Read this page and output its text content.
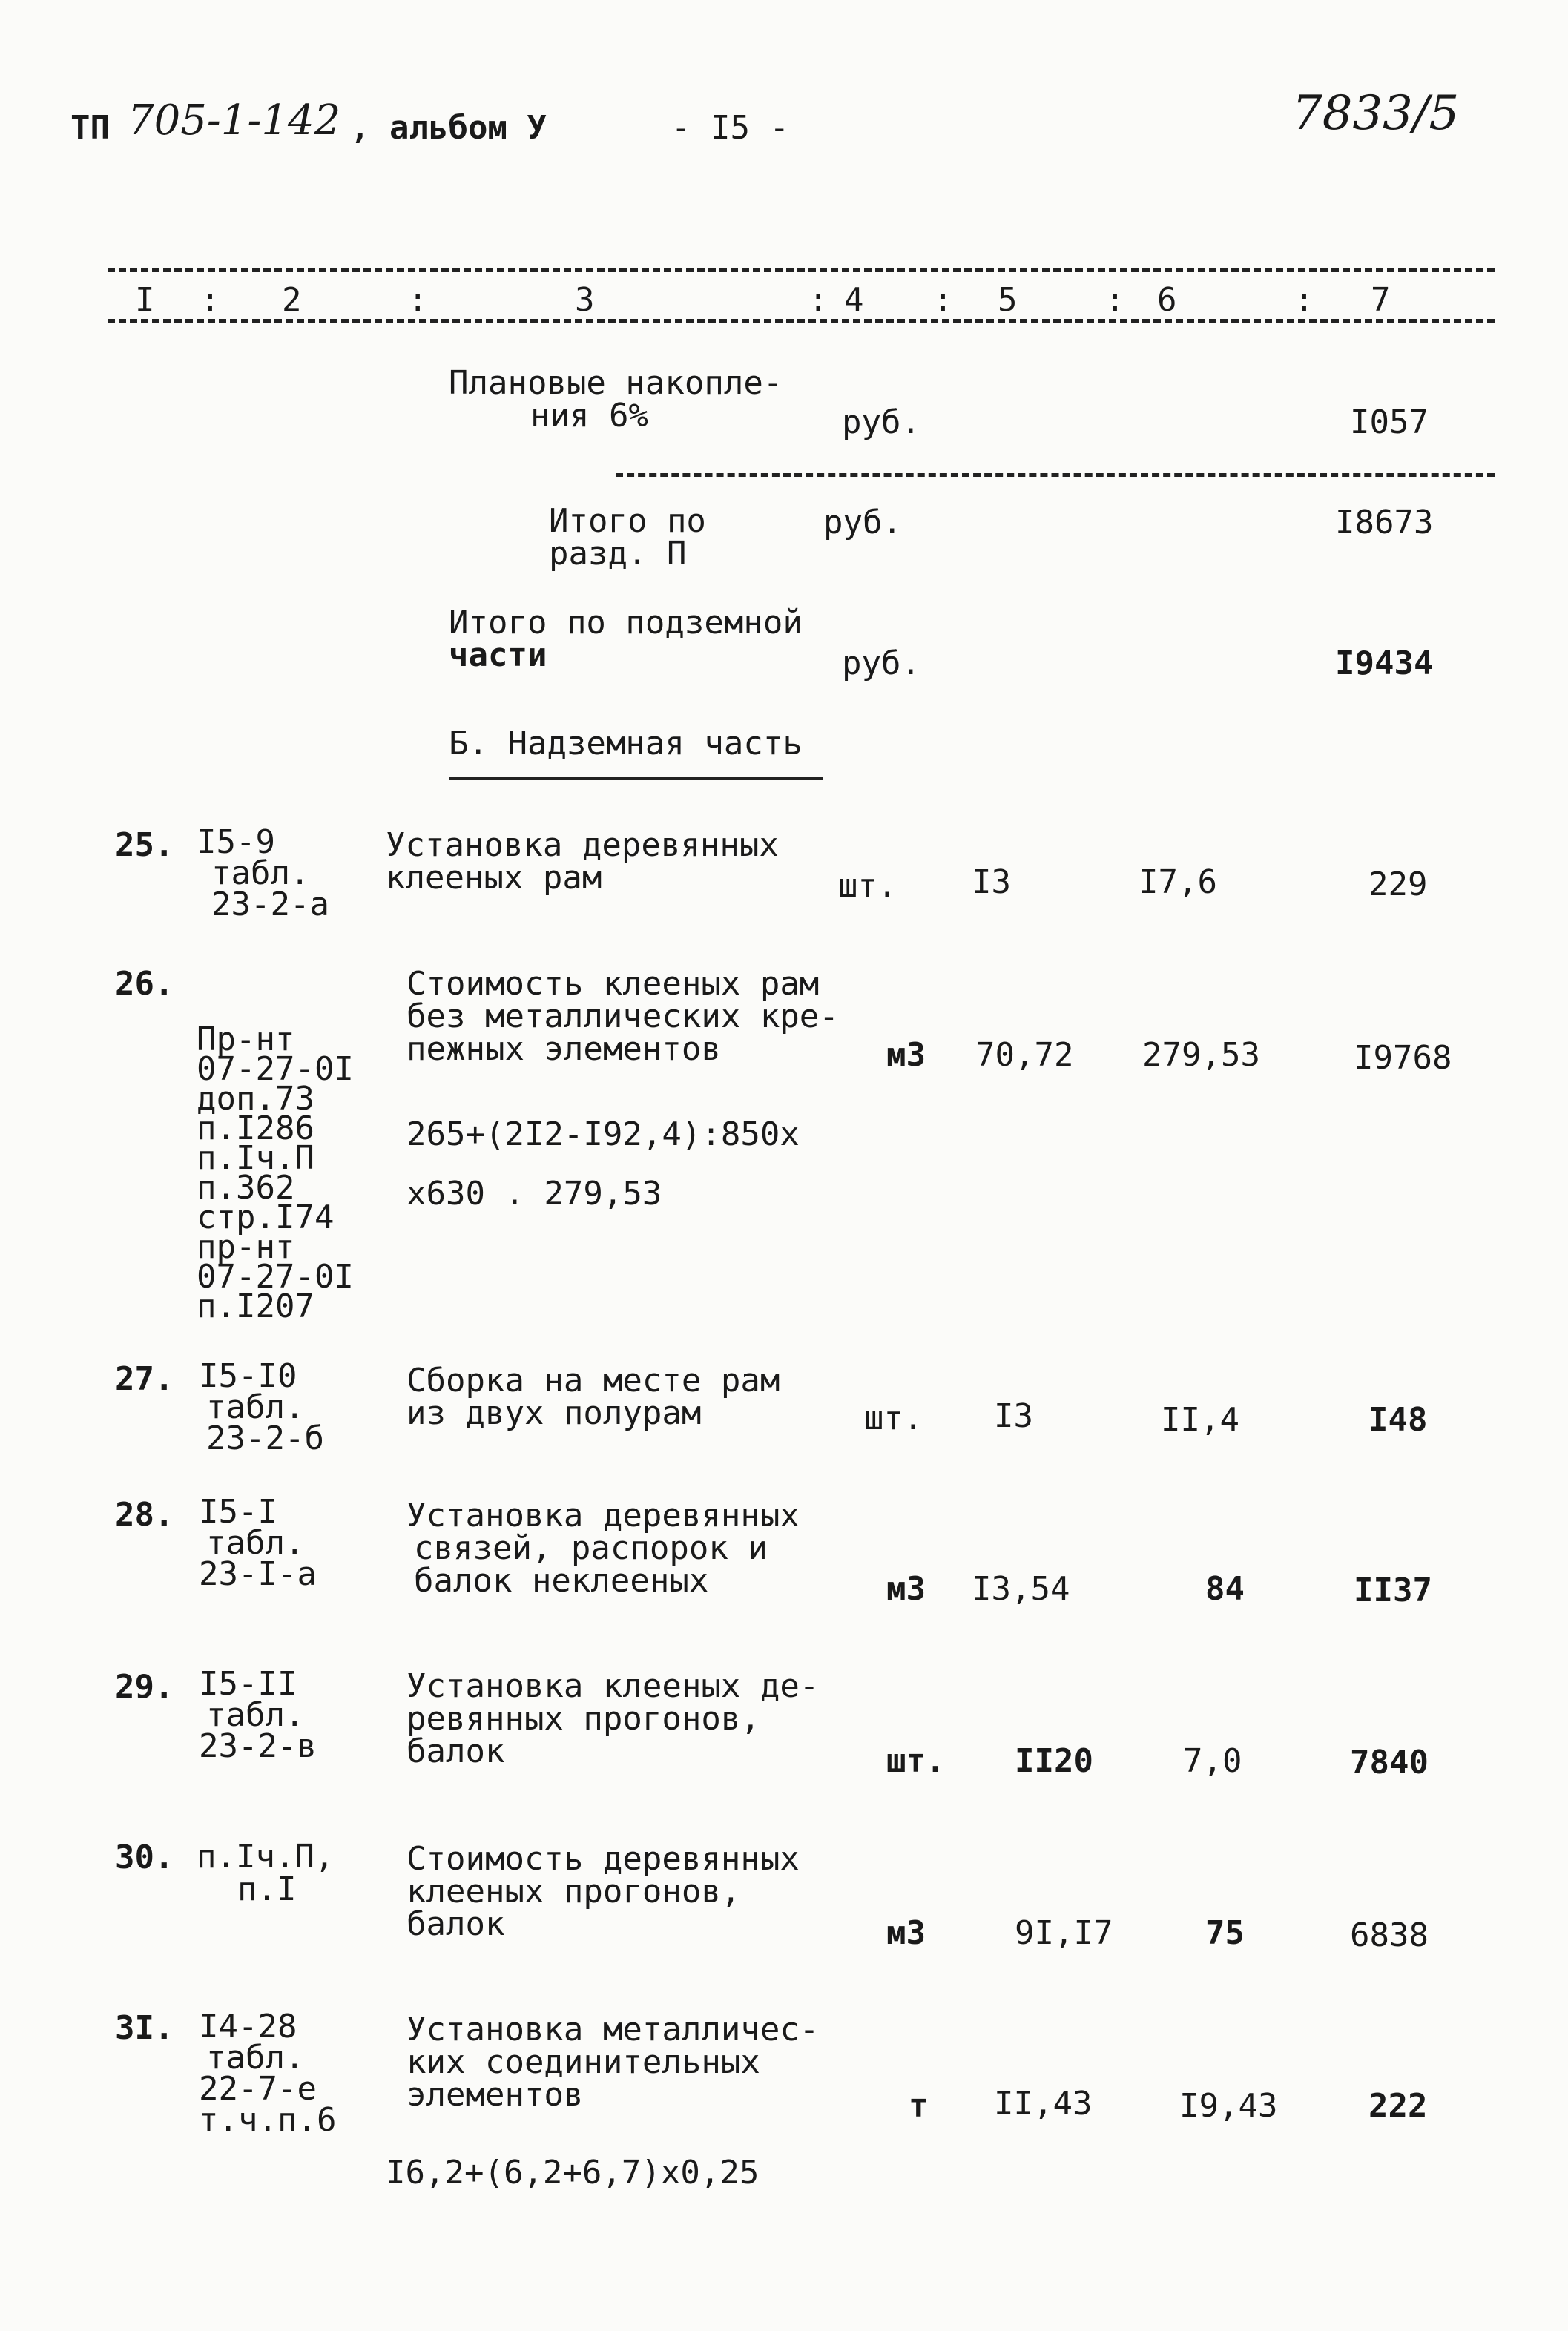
ТП 705-1-142 , альбом У	- I5 -	7833/5
I : 2	:	3	: 4 : 5	: 6	: 7
Плановые накопле-
ния 6%	руб.	I057
Итого по
разд. П
руб.	I8673
Итого по подземной
части	руб.	I9434
Б. Надземная часть
25. I5-9
табл.
23-2-а
Установка деревянных
клееных рам	шт. I3	I7,6	229
26.

Пр-нт
07-27-0I
доп.73
п.I286
п.Iч.П
п.362
стр.I74
пр-нт
07-27-0I
п.I207

Стоимость клееных рам
без металлических кре-
пежных элементов
265+(2I2-I92,4):850х
х630 . 279,53
м3 70,72 279,53	I9768
27. I5-I0
табл.
23-2-б
Сборка на месте рам
из двух полурам	шт. I3	II,4	I48
28. I5-I
табл.
23-I-а
Установка деревянных
связей, распорок и
балок неклееных	м3 I3,54	84	II37
29. I5-II
табл.
23-2-в
Установка клееных де-
ревянных прогонов,
балок	шт. II20	7,0	7840
30. п.Iч.П,
п.I
Стоимость деревянных
клееных прогонов,
балок	м3	9I,I7	75	6838
3I. I4-28
табл.
22-7-е
т.ч.п.6
Установка металличес-
ких соединительных
элементов
I6,2+(6,2+6,7)х0,25
т II,43	I9,43	222
